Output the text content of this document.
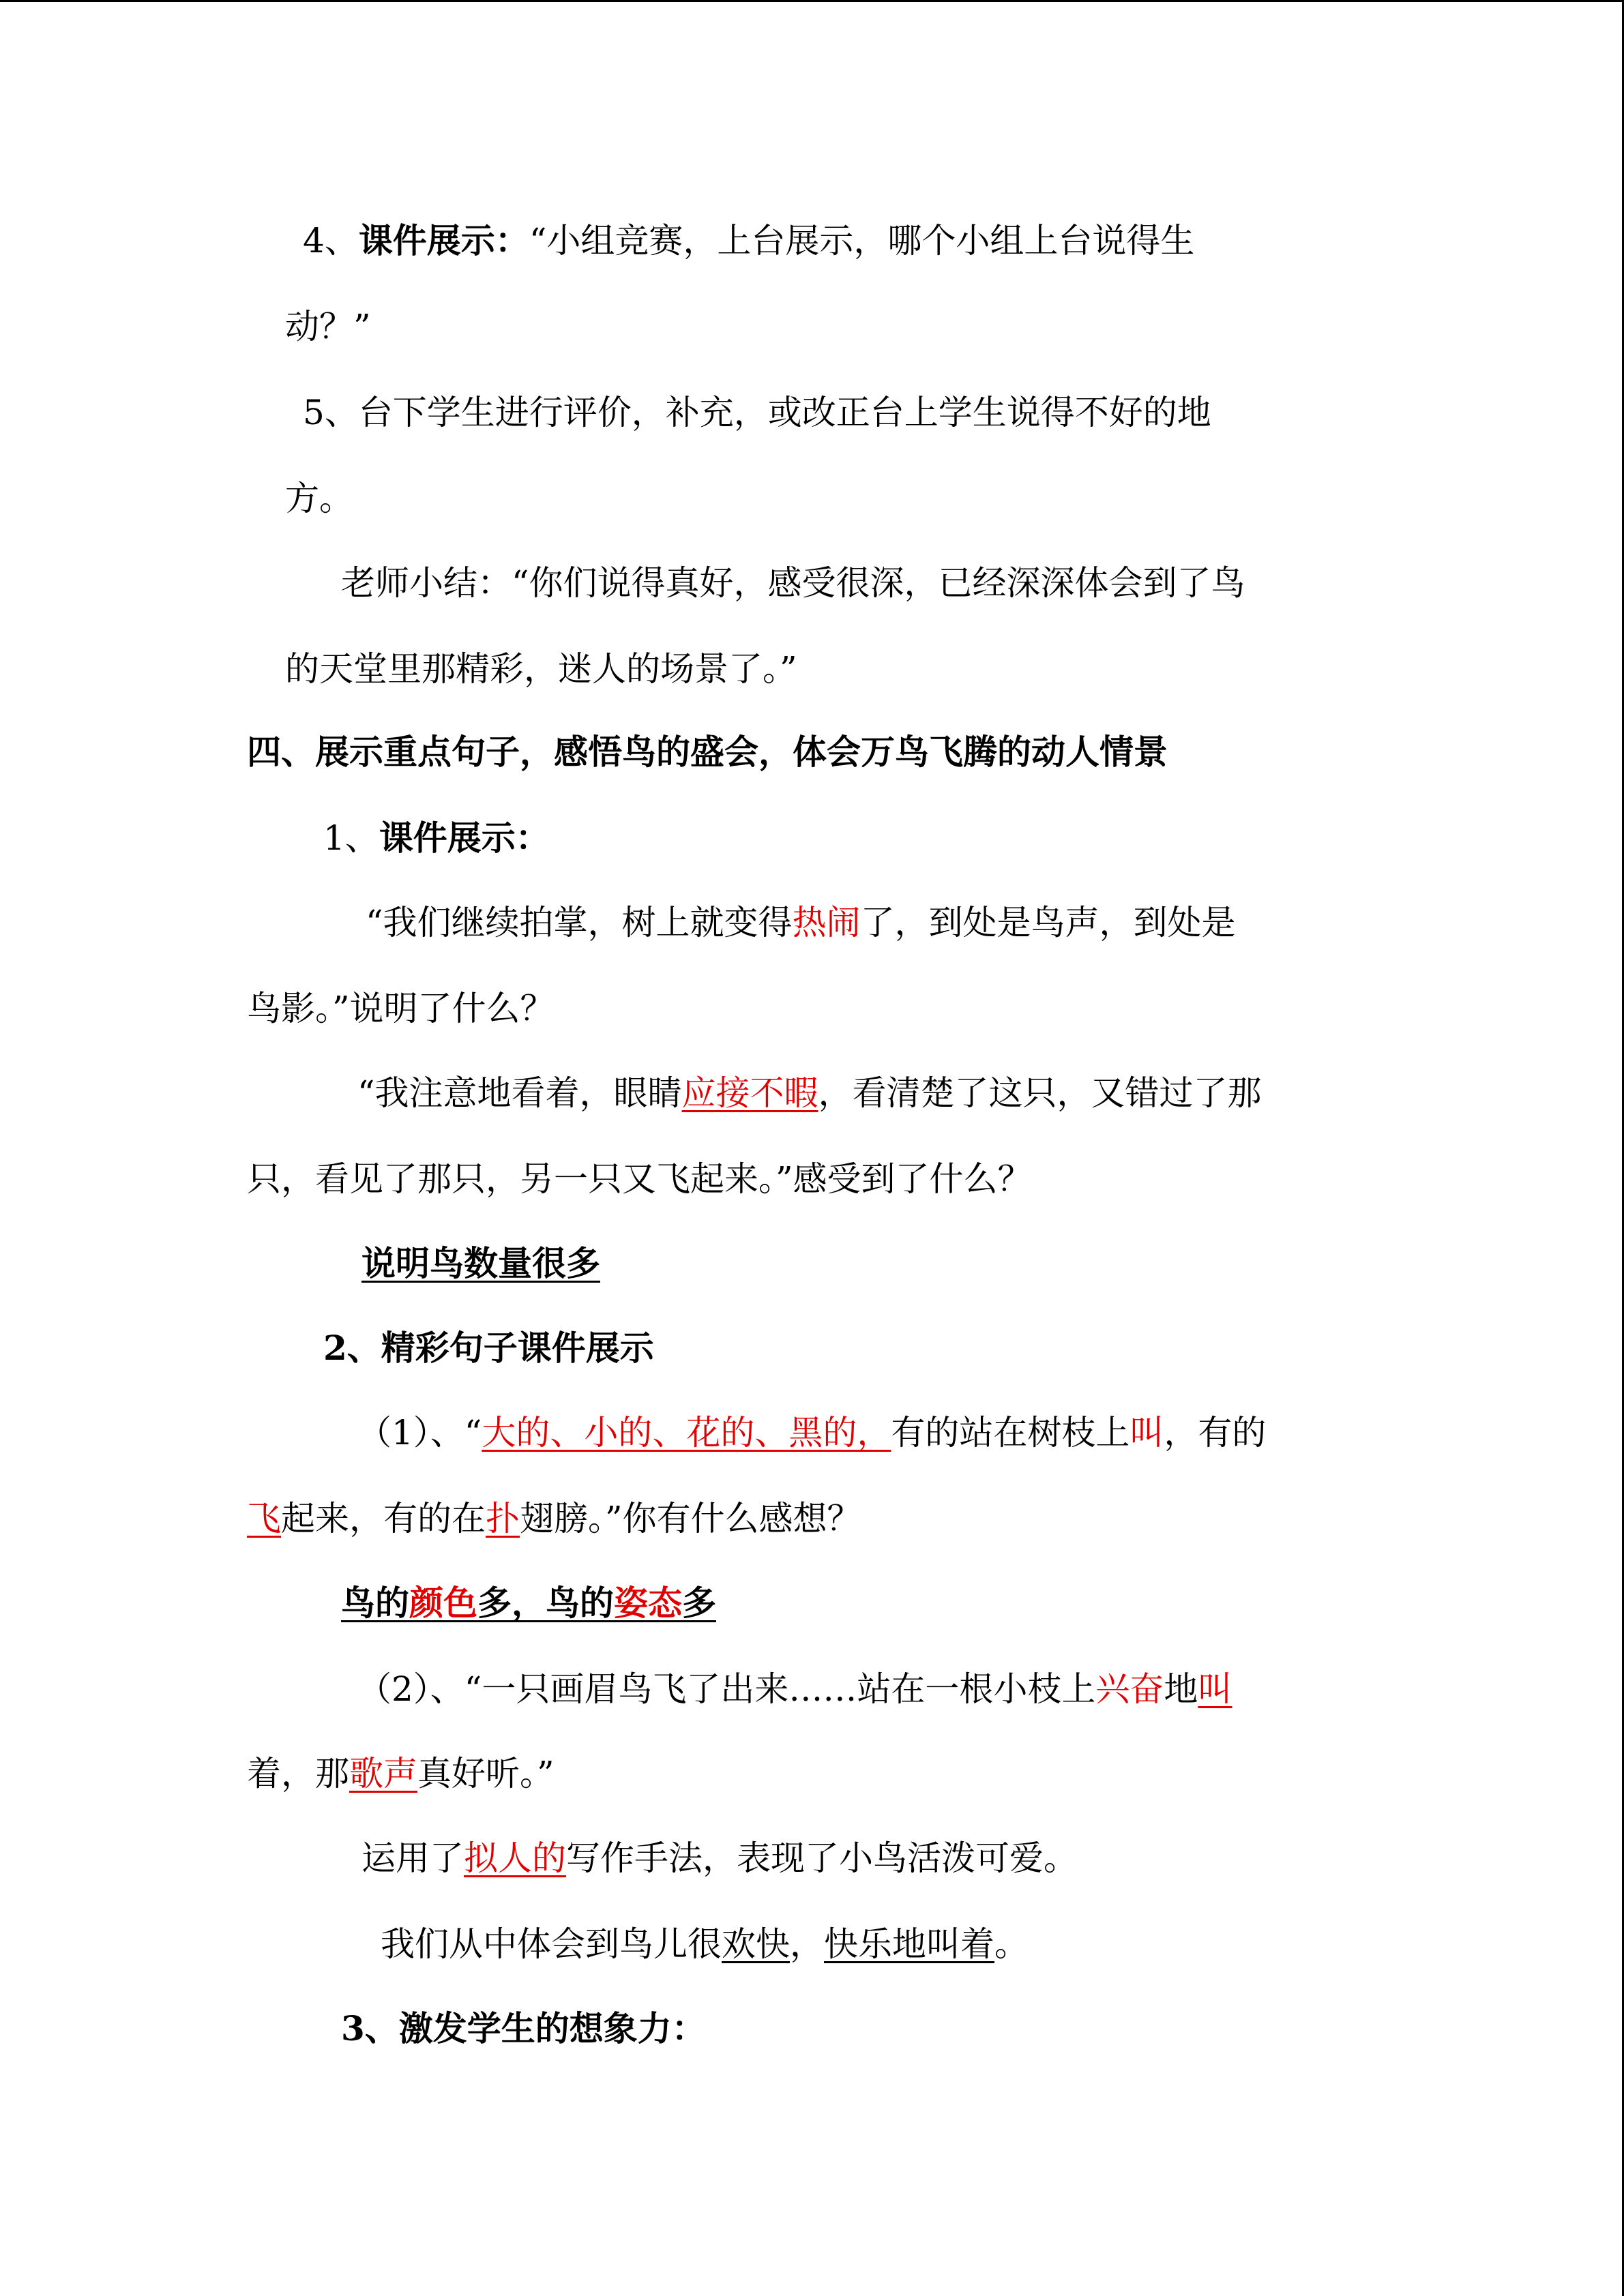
4、课件展示：“小组竞赛，上台展示，哪个小组上台说得生
动？”
5、台下学生进行评价，补充，或改正台上学生说得不好的地
方。
老师小结：“你们说得真好，感受很深，已经深深体会到了鸟
的天堂里那精彩，迷人的场景了。”
四、展示重点句子，感悟鸟的盛会，体会万鸟飞腾的动人情景
1、课件展示：
“我们继续拍掌，树上就变得热闹了，到处是鸟声，到处是
鸟影。”说明了什么？
“我注意地看着，眼睛应接不暇，看清楚了这只，又错过了那
只，看见了那只，另一只又飞起来。”感受到了什么？
说明鸟数量很多
2、精彩句子课件展示
（1）、“大的、小的、花的、黑的，有的站在树枝上叫，有的
飞起来，有的在扑翅膀。”你有什么感想？
鸟的颜色多，鸟的姿态多
（2）、“一只画眉鸟飞了出来……站在一根小枝上兴奋地叫
着，那歌声真好听。”
运用了拟人的写作手法，表现了小鸟活泼可爱。
我们从中体会到鸟儿很欢快，快乐地叫着。
3、激发学生的想象力：
